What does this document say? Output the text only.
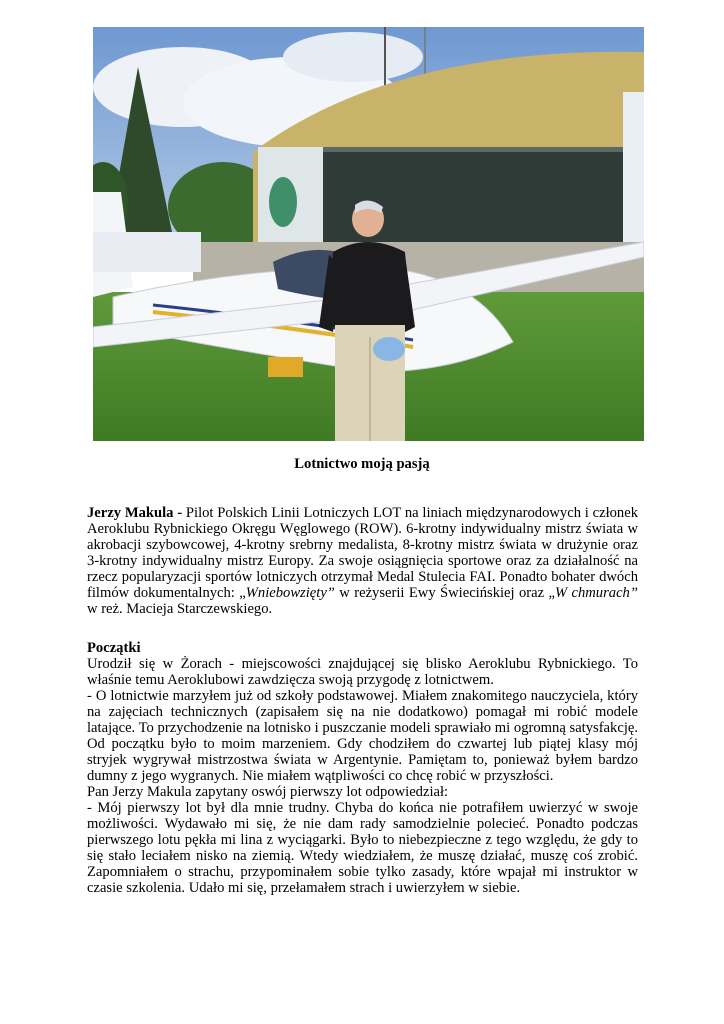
Lotnictwo moją pasją

Jerzy Makula - Pilot Polskich Linii Lotniczych LOT na liniach międzynarodowych i członek Aeroklubu Rybnickiego Okręgu Węglowego (ROW). 6-krotny indywidualny mistrz świata w akrobacji szybowcowej, 4-krotny srebrny medalista, 8-krotny mistrz świata w drużynie oraz 3-krotny indywidualny mistrz Europy. Za swoje osiągnięcia sportowe oraz za działalność na rzecz popularyzacji sportów lotniczych otrzymał Medal Stulecia FAI. Ponadto bohater dwóch filmów dokumentalnych: „Wniebowzięty” w reżyserii Ewy Świecińskiej oraz „W chmurach” w reż. Macieja Starczewskiego.

Początki

Urodził się w Żorach - miejscowości znajdującej się blisko Aeroklubu Rybnickiego. To właśnie temu Aeroklubowi zawdzięcza swoją przygodę z lotnictwem.

- O lotnictwie marzyłem już od szkoły podstawowej. Miałem znakomitego nauczyciela, który na zajęciach technicznych (zapisałem się na nie dodatkowo) pomagał mi robić modele latające. To przychodzenie na lotnisko i puszczanie modeli sprawiało mi ogromną satysfakcję. Od początku było to moim marzeniem. Gdy chodziłem do czwartej lub piątej klasy mój stryjek wygrywał mistrzostwa świata w Argentynie. Pamiętam to, ponieważ byłem bardzo dumny z jego wygranych. Nie miałem wątpliwości co chcę robić w przyszłości.

Pan Jerzy Makula zapytany oswój pierwszy lot odpowiedział:

- Mój pierwszy lot był dla mnie trudny. Chyba do końca nie potrafiłem uwierzyć w swoje możliwości. Wydawało mi się, że nie dam rady samodzielnie polecieć. Ponadto podczas pierwszego lotu pękła mi lina z wyciągarki. Było to niebezpieczne z tego względu, że gdy to się stało leciałem nisko na ziemią. Wtedy wiedziałem, że muszę działać, muszę coś zrobić. Zapomniałem o strachu, przypominałem sobie tylko zasady, które wpajał mi instruktor w czasie szkolenia. Udało mi się, przełamałem strach i uwierzyłem w siebie.
